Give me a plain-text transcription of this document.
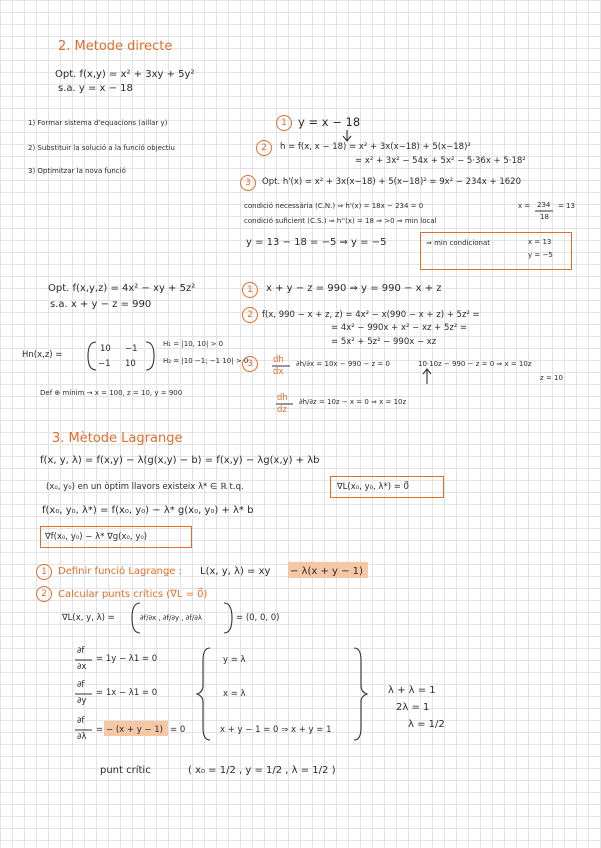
2. Metode directe
Opt. f(x,y) = x² + 3xy + 5y²
s.a. y = x − 18
1) Formar sistema d'equacions (aillar y)
2) Substituir la solució a la funció objectiu
3) Optimitzar la nova funció
1 y = x − 18
2	h = f(x, x − 18) = x² + 3x(x−18) + 5(x−18)²
= x² + 3x² − 54x + 5x² − 5·36x + 5·18²
3	Opt. h'(x) = x² + 3x(x−18) + 5(x−18)² = 9x² − 234x + 1620
condició necessària (C.N.) ⇒ h'(x) = 18x − 234 = 0	x = 234
18
= 13
condició suficient (C.S.) ⇒ h''(x) = 18 ⇒ >0 ⇒ min local
y = 13 − 18 = −5 ⇒ y = −5	⇒ min condicionat	x = 13
y = −5
Opt. f(x,y,z) = 4x² − xy + 5z²
s.a. x + y − z = 990
Hn(x,z) =
10 −1
−1 10
H₁ = |10, 10| > 0
H₂ = |10 −1; −1 10| > 0
Def ⊕ mínim → x = 100, z = 10, y = 900
1	x + y − z = 990 ⇒ y = 990 − x + z
2	f(x, 990 − x + z, z) = 4x² − x(990 − x + z) + 5z² =
= 4x² − 990x + x² − xz + 5z² =
= 5x² + 5z² − 990x − xz
3	dh
dx
∂h/∂x = 10x − 990 − z = 0	10·10z − 990 − z = 0 ⇒ x = 10z
z = 10
dh
dz
∂h/∂z = 10z − x = 0 ⇒ x = 10z
3. Mètode Lagrange
f(x, y, λ) = f(x,y) − λ(g(x,y) − b) = f(x,y) − λg(x,y) + λb
(x₀, y₀) en un òptim llavors existeix λ* ∈ ℝ t.q.	∇L(x₀, y₀, λ*) = 0⃗
f(x₀, y₀, λ*) = f(x₀, y₀) − λ* g(x₀, y₀) + λ* b
∇f(x₀, y₀) − λ* ∇g(x₀, y₀)
1	Definir funció Lagrange : L(x, y, λ) = xy − λ(x + y − 1)
2	Calcular punts crítics (∇L = 0⃗)
∇L(x, y, λ) =	∂f/∂x , ∂f/∂y , ∂f/∂λ	= (0, 0, 0)
∂f
∂x
= 1y − λ1 = 0
∂f
∂y
= 1x − λ1 = 0
∂f
∂λ
= − (x + y − 1) = 0
y = λ
x = λ
x + y − 1 = 0 ⇒ x + y = 1
λ + λ = 1
2λ = 1
λ = 1/2
punt crític	( x₀ = 1/2 , y = 1/2 , λ = 1/2 )
